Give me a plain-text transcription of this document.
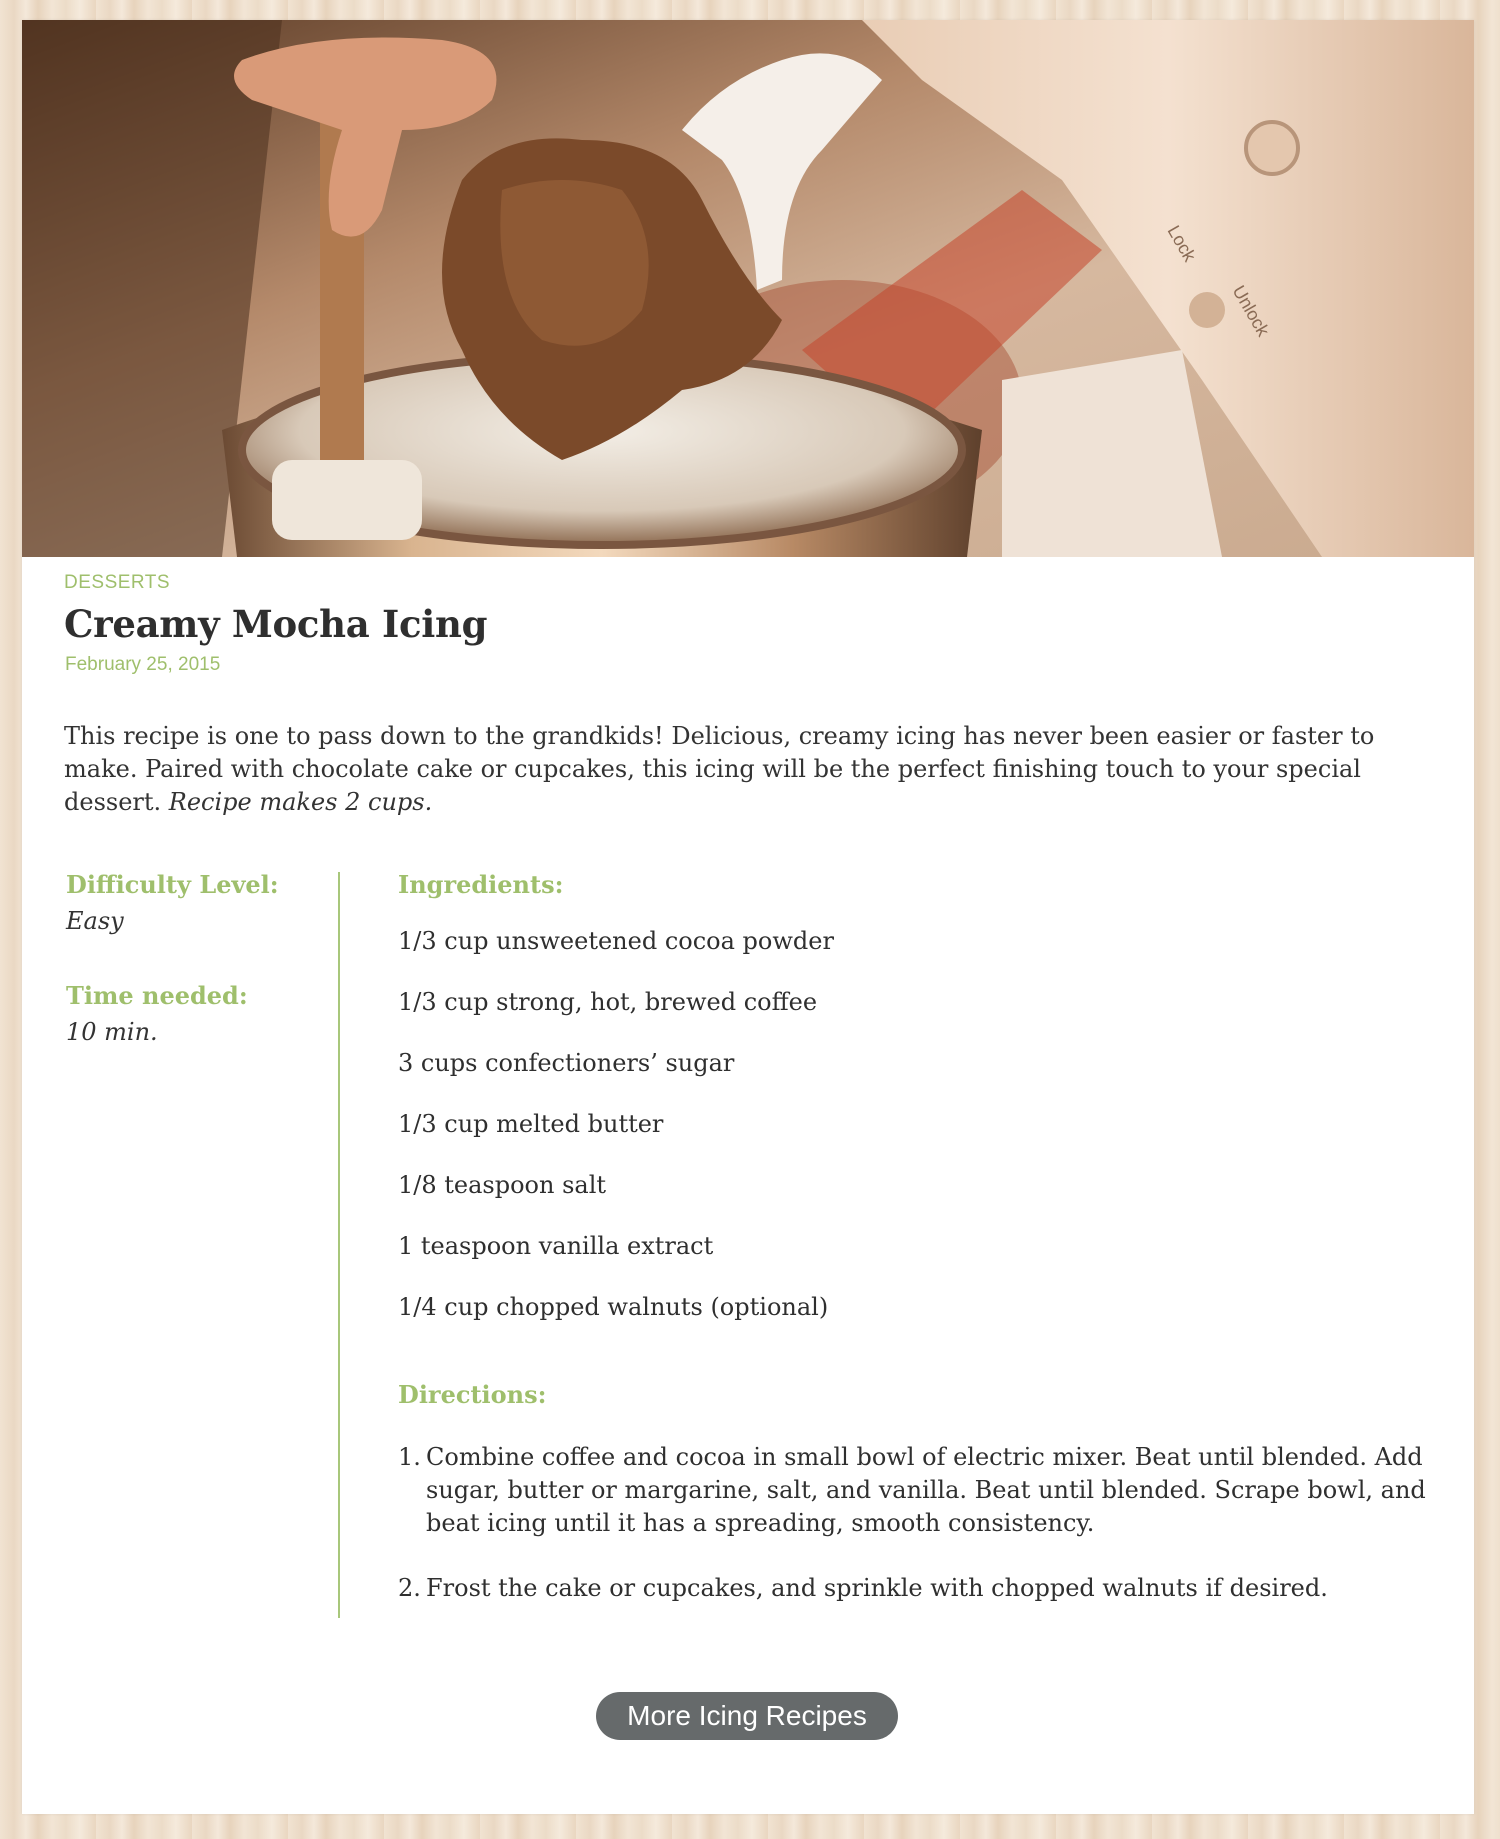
Lock
Unlock
DESSERTS
Creamy Mocha Icing
February 25, 2015

This recipe is one to pass down to the grandkids! Delicious, creamy icing has never been easier or faster to make. Paired with chocolate cake or cupcakes, this icing will be the perfect finishing touch to your special dessert. Recipe makes 2 cups.

Difficulty Level:
Easy
Time needed:
10 min.
Ingredients:
1/3 cup unsweetened cocoa powder
1/3 cup strong, hot, brewed coffee
3 cups confectioners’ sugar
1/3 cup melted butter
1/8 teaspoon salt
1 teaspoon vanilla extract
1/4 cup chopped walnuts (optional)
Directions:
1. Combine coffee and cocoa in small bowl of electric mixer. Beat until blended. Add sugar, butter or margarine, salt, and vanilla. Beat until blended. Scrape bowl, and beat icing until it has a spreading, smooth consistency.
2. Frost the cake or cupcakes, and sprinkle with chopped walnuts if desired.
More Icing Recipes
